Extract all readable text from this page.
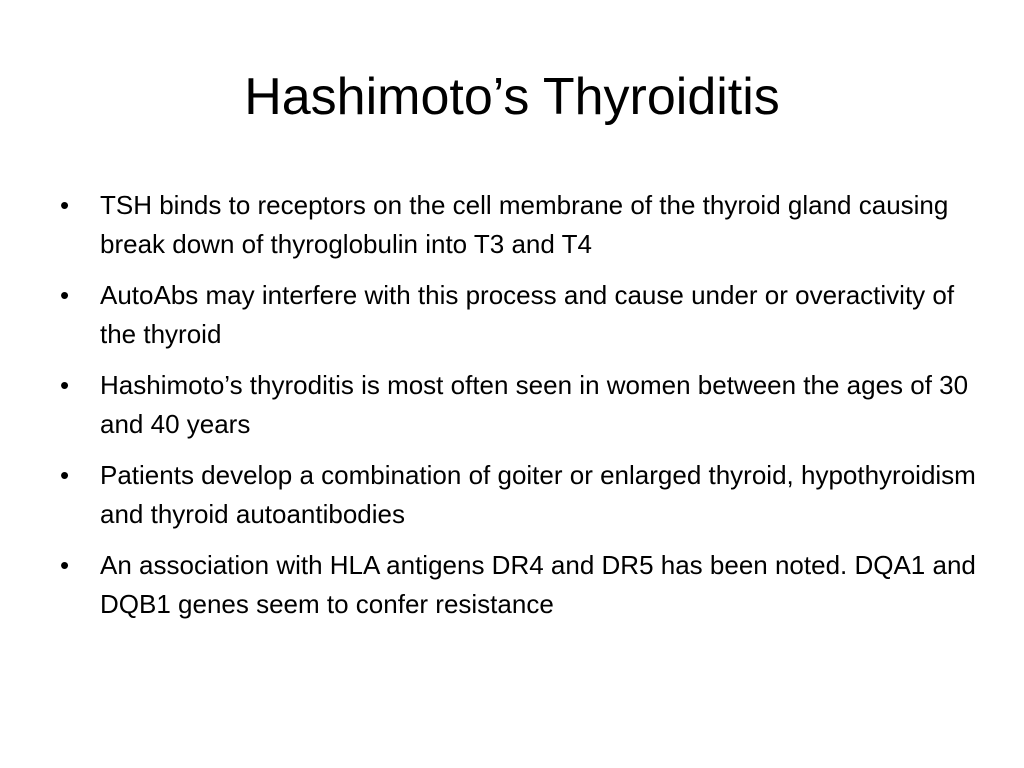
Hashimoto’s Thyroiditis
•	TSH binds to receptors on the cell membrane of the thyroid gland causing break down of thyroglobulin into T3 and T4
•	AutoAbs may interfere with this process and cause under or overactivity of the thyroid
•	Hashimoto’s thyroditis is most often seen in women between the ages of 30 and 40 years
•	Patients develop a combination of goiter or enlarged thyroid, hypothyroidism and thyroid autoantibodies
•	An association with HLA antigens DR4 and DR5 has been noted. DQA1 and DQB1 genes seem to confer resistance
